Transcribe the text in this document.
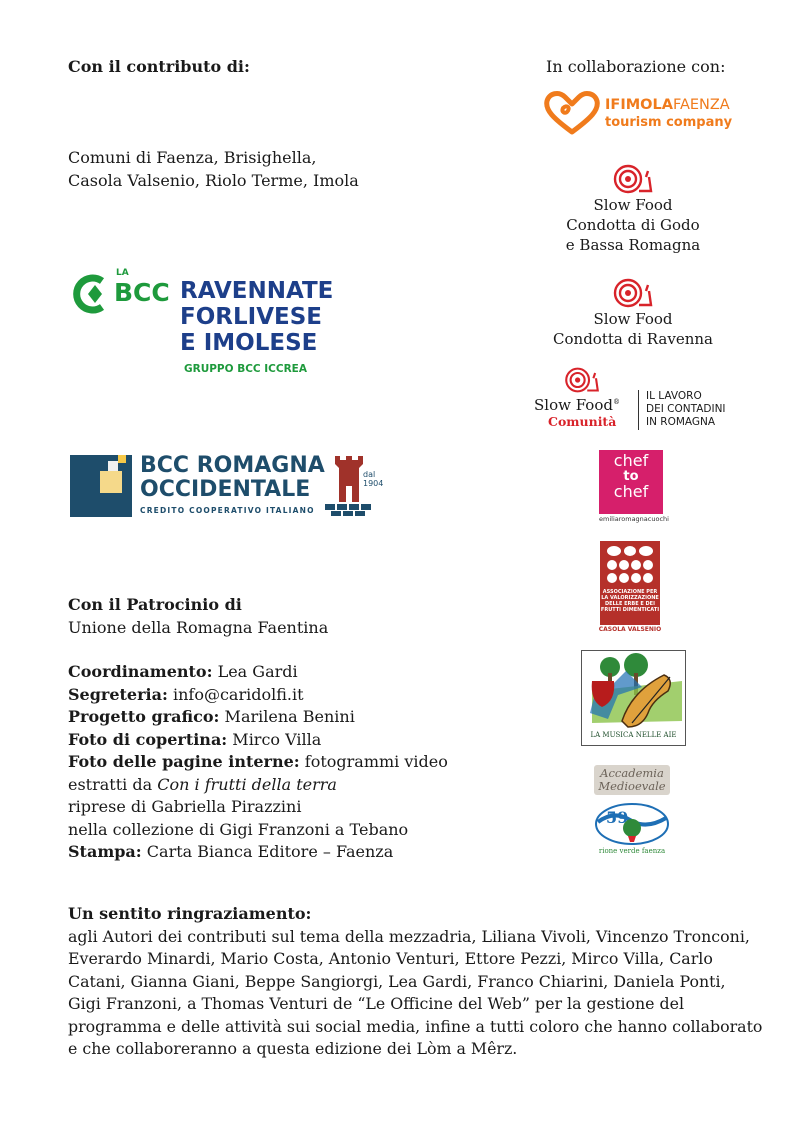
Con il contributo di:
Comuni di Faenza, Brisighella,
Casola Valsenio, Riolo Terme, Imola
LA
BCC RAVENNATE
FORLIVESE
E IMOLESE
GRUPPO BCC ICCREA
BCC ROMAGNA
OCCIDENTALE
CREDITO COOPERATIVO ITALIANO
dal
1904
Con il Patrocinio di
Unione della Romagna Faentina
Coordinamento: Lea Gardi
Segreteria: info@caridolfi.it
Progetto grafico: Marilena Benini
Foto di copertina: Mirco Villa
Foto delle pagine interne: fotogrammi video
estratti da Con i frutti della terra
riprese di Gabriella Pirazzini
nella collezione di Gigi Franzoni a Tebano
Stampa: Carta Bianca Editore – Faenza
Un sentito ringraziamento:
agli Autori dei contributi sul tema della mezzadria, Liliana Vivoli, Vincenzo Tronconi,
Everardo Minardi, Mario Costa, Antonio Venturi, Ettore Pezzi, Mirco Villa, Carlo
Catani, Gianna Giani, Beppe Sangiorgi, Lea Gardi, Franco Chiarini, Daniela Ponti,
Gigi Franzoni, a Thomas Venturi de “Le Officine del Web” per la gestione del
programma e delle attività sui social media, infine a tutti coloro che hanno collaborato
e che collaboreranno a questa edizione dei Lòm a Mêrz.
In collaborazione con:
IFIMOLAFAENZA
tourism company
Slow Food
Condotta di Godo
e Bassa Romagna
Slow Food
Condotta di Ravenna
Slow Food®
Comunità
IL LAVORO
DEI CONTADINI
IN ROMAGNA
chef
to
chef
emiliaromagnacuochi
ASSOCIAZIONE PER
LA VALORIZZAZIONE
DELLE ERBE E DEI
FRUTTI DIMENTICATI
CASOLA VALSENIO
LA MUSICA NELLE AIE
Accademia
Medioevale
59
rione verde faenza
